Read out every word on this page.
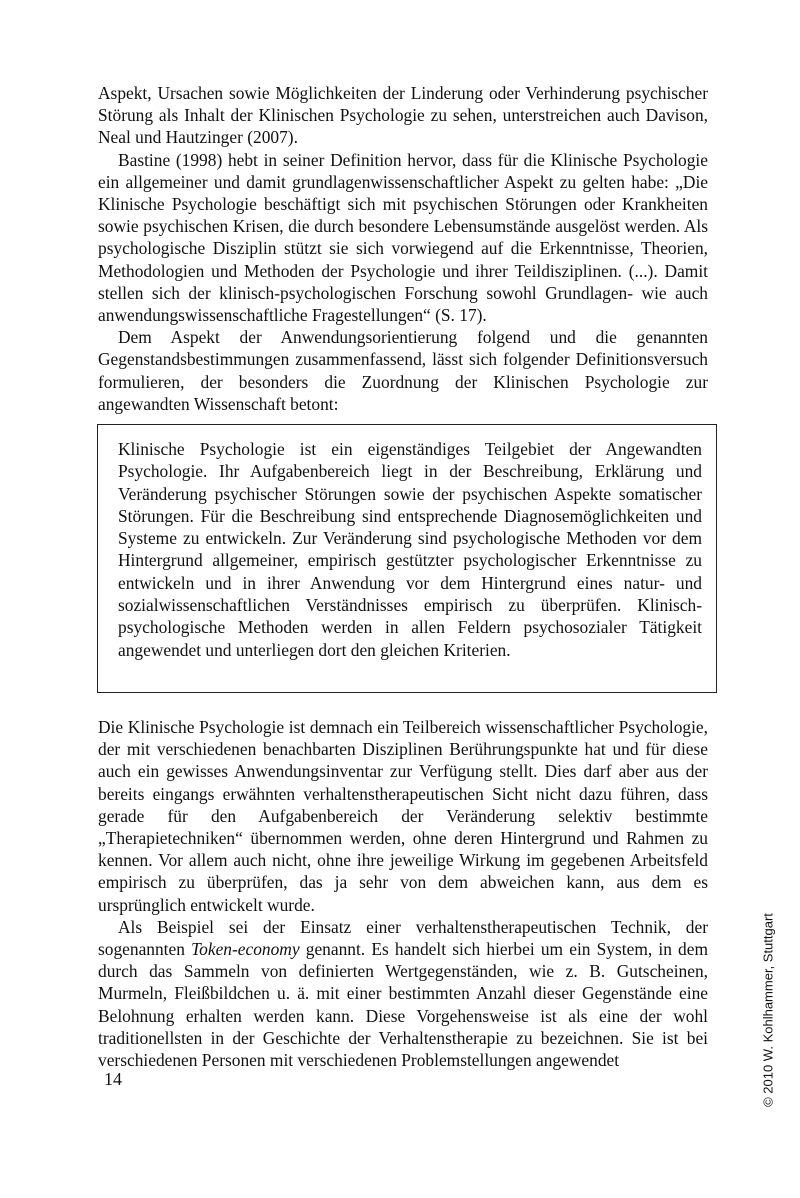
Aspekt, Ursachen sowie Möglichkeiten der Linderung oder Verhinderung psychischer Störung als Inhalt der Klinischen Psychologie zu sehen, unterstreichen auch Davison, Neal und Hautzinger (2007).

Bastine (1998) hebt in seiner Definition hervor, dass für die Klinische Psychologie ein allgemeiner und damit grundlagenwissenschaftlicher Aspekt zu gelten habe: „Die Klinische Psychologie beschäftigt sich mit psychischen Störungen oder Krankheiten sowie psychischen Krisen, die durch besondere Lebensumstände ausgelöst werden. Als psychologische Disziplin stützt sie sich vorwiegend auf die Erkenntnisse, Theorien, Methodologien und Methoden der Psychologie und ihrer Teildisziplinen. (...). Damit stellen sich der klinisch-psychologischen Forschung sowohl Grundlagen- wie auch anwendungswissenschaftliche Fragestellungen“ (S. 17).

Dem Aspekt der Anwendungsorientierung folgend und die genannten Gegenstandsbestimmungen zusammenfassend, lässt sich folgender Definitionsversuch formulieren, der besonders die Zuordnung der Klinischen Psychologie zur angewandten Wissenschaft betont:

Klinische Psychologie ist ein eigenständiges Teilgebiet der Angewandten Psychologie. Ihr Aufgabenbereich liegt in der Beschreibung, Erklärung und Veränderung psychischer Störungen sowie der psychischen Aspekte somatischer Störungen. Für die Beschreibung sind entsprechende Diagnosemöglichkeiten und Systeme zu entwickeln. Zur Veränderung sind psychologische Methoden vor dem Hintergrund allgemeiner, empirisch gestützter psychologischer Erkenntnisse zu entwickeln und in ihrer Anwendung vor dem Hintergrund eines natur- und sozialwissenschaftlichen Verständnisses empirisch zu überprüfen. Klinisch-psychologische Methoden werden in allen Feldern psychosozialer Tätigkeit angewendet und unterliegen dort den gleichen Kriterien.

Die Klinische Psychologie ist demnach ein Teilbereich wissenschaftlicher Psychologie, der mit verschiedenen benachbarten Disziplinen Berührungspunkte hat und für diese auch ein gewisses Anwendungsinventar zur Verfügung stellt. Dies darf aber aus der bereits eingangs erwähnten verhaltenstherapeutischen Sicht nicht dazu führen, dass gerade für den Aufgabenbereich der Veränderung selektiv bestimmte „Therapietechniken“ übernommen werden, ohne deren Hintergrund und Rahmen zu kennen. Vor allem auch nicht, ohne ihre jeweilige Wirkung im gegebenen Arbeitsfeld empirisch zu überprüfen, das ja sehr von dem abweichen kann, aus dem es ursprünglich entwickelt wurde.

Als Beispiel sei der Einsatz einer verhaltenstherapeutischen Technik, der sogenannten Token-economy genannt. Es handelt sich hierbei um ein System, in dem durch das Sammeln von definierten Wertgegenständen, wie z. B. Gutscheinen, Murmeln, Fleißbildchen u. ä. mit einer bestimmten Anzahl dieser Gegenstände eine Belohnung erhalten werden kann. Diese Vorgehensweise ist als eine der wohl traditionellsten in der Geschichte der Verhaltenstherapie zu bezeichnen. Sie ist bei verschiedenen Personen mit verschiedenen Problemstellungen angewendet

14	© 2010 W. Kohlhammer, Stuttgart
